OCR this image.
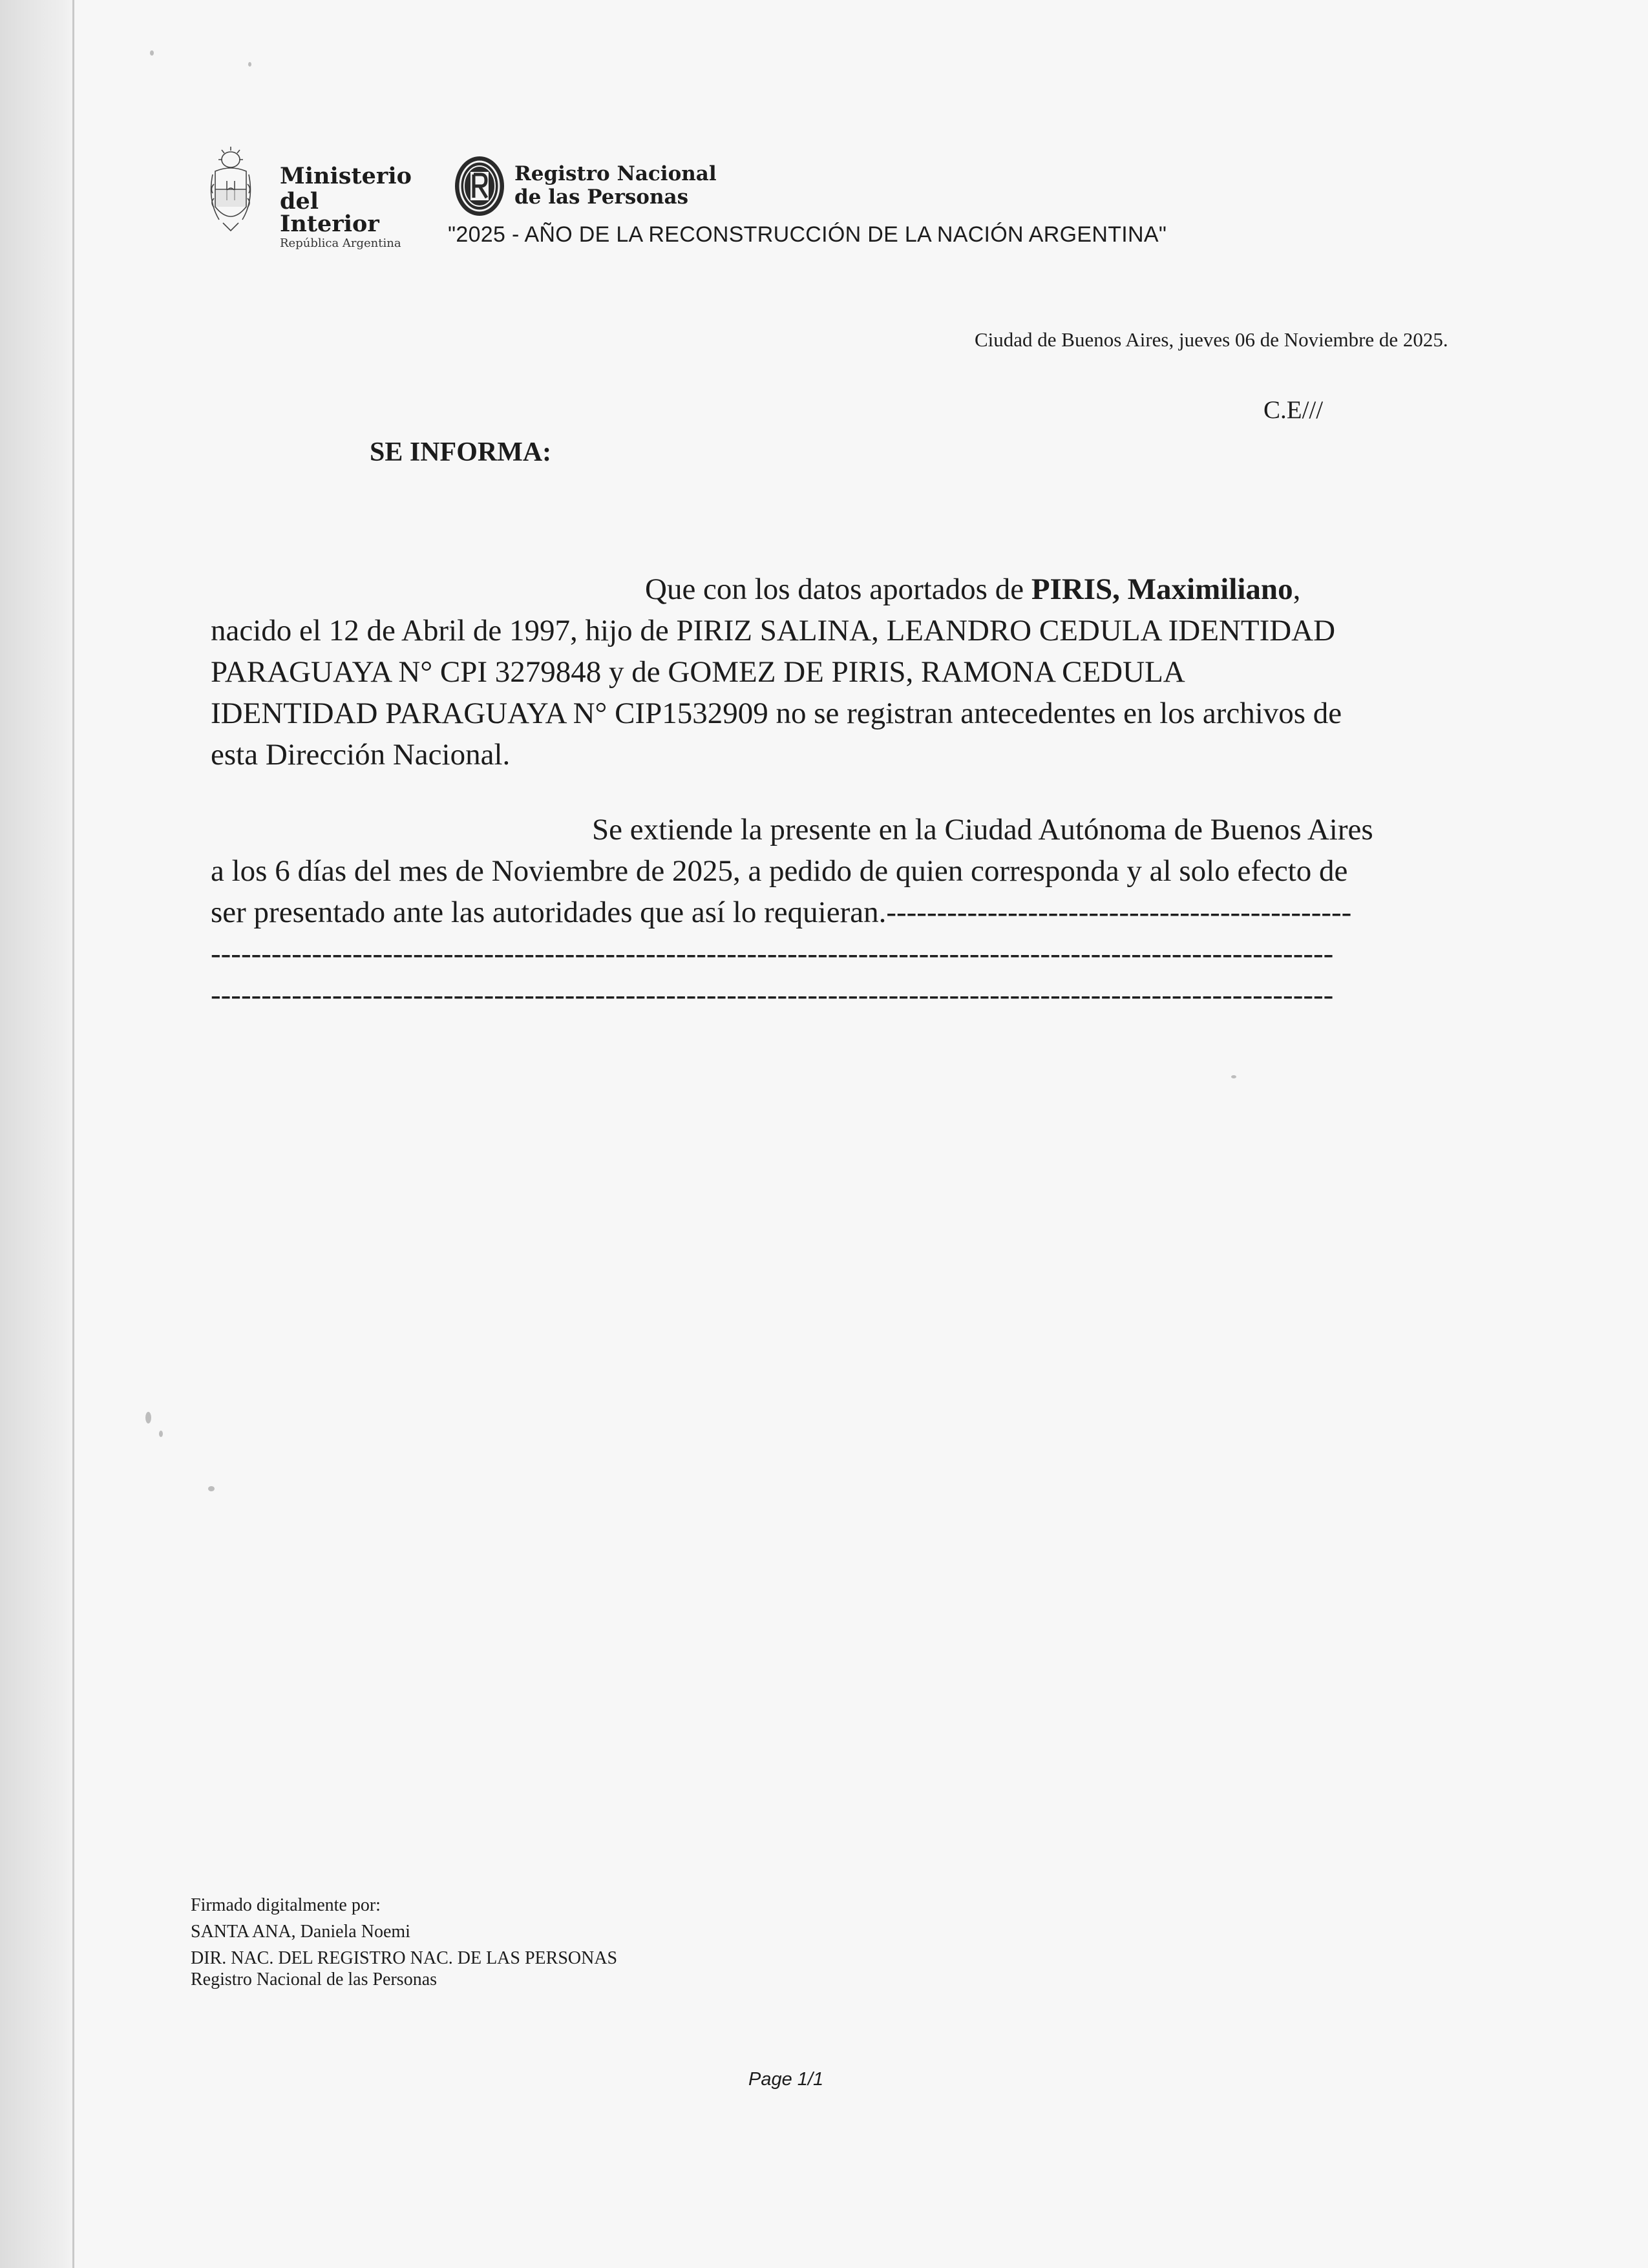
Ministerio
del Interior
República Argentina
Registro Nacional
de las Personas
"2025 - AÑO DE LA RECONSTRUCCIÓN DE LA NACIÓN ARGENTINA"
Ciudad de Buenos Aires, jueves 06 de Noviembre de 2025.
C.E///
SE INFORMA:
Que con los datos aportados de PIRIS, Maximiliano,
nacido el 12 de Abril de 1997, hijo de PIRIZ SALINA, LEANDRO CEDULA IDENTIDAD
PARAGUAYA N° CPI 3279848 y de GOMEZ DE PIRIS, RAMONA CEDULA
IDENTIDAD PARAGUAYA N° CIP1532909 no se registran antecedentes en los archivos de
esta Dirección Nacional.
Se extiende la presente en la Ciudad Autónoma de Buenos Aires
a los 6 días del mes de Noviembre de 2025, a pedido de quien corresponda y al solo efecto de
ser presentado ante las autoridades que así lo requieran.----------------------------------------------
---------------------------------------------------------------------------------------------------------------
---------------------------------------------------------------------------------------------------------------
Firmado digitalmente por:
SANTA ANA, Daniela Noemi
DIR. NAC. DEL REGISTRO NAC. DE LAS PERSONAS
Registro Nacional de las Personas
Page 1/1
